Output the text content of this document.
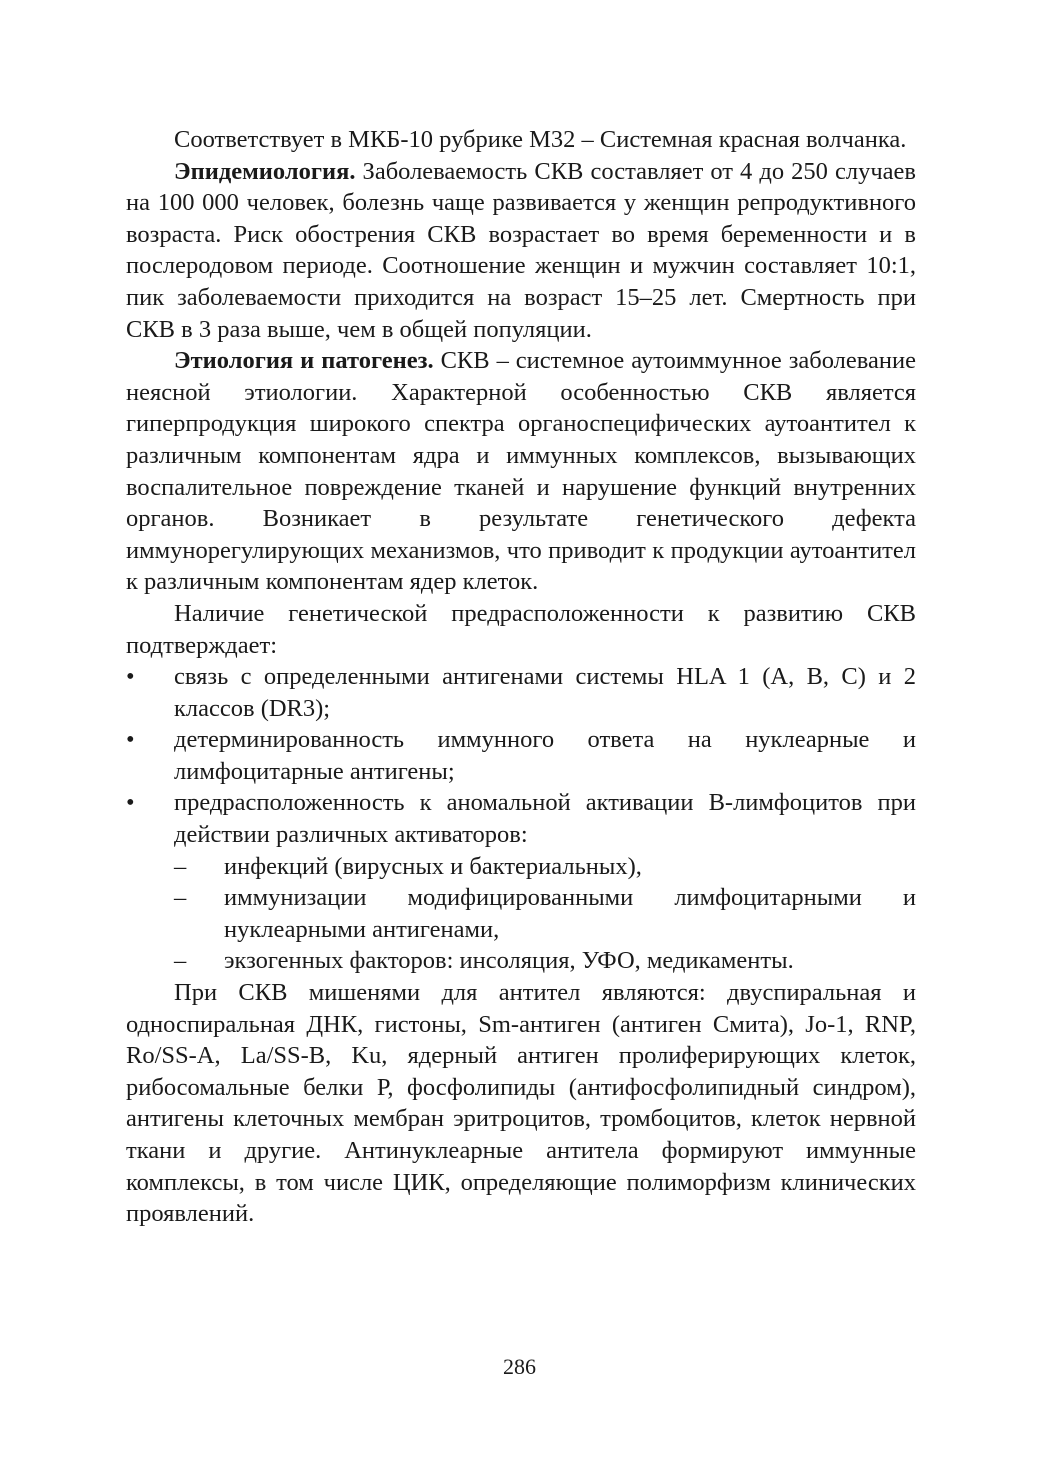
Соответствует в МКБ-10 рубрике М32 – Системная красная волчанка.

Эпидемиология. Заболеваемость СКВ составляет от 4 до 250 случаев на 100 000 человек, болезнь чаще развивается у женщин репродуктивного возраста. Риск обострения СКВ возрастает во время беременности и в послеродовом периоде. Соотношение женщин и мужчин составляет 10:1, пик заболеваемости приходится на возраст 15–25 лет. Смертность при СКВ в 3 раза выше, чем в общей популяции.

Этиология и патогенез. СКВ – системное аутоиммунное заболевание неясной этиологии. Характерной особенностью СКВ является гиперпродукция широкого спектра органоспецифических аутоантител к различным компонентам ядра и иммунных комплексов, вызывающих воспалительное повреждение тканей и нарушение функций внутренних органов. Возникает в результате генетического дефекта иммунорегулирующих механизмов, что приводит к продукции аутоантител к различным компонентам ядер клеток.

Наличие генетической предрасположенности к развитию СКВ подтверждает:

• связь с определенными антигенами системы HLA 1 (A, B, C) и 2 классов (DR3);
• детерминированность иммунного ответа на нуклеарные и лимфоцитарные антигены;
• предрасположенность к аномальной активации В-лимфоцитов при действии различных активаторов:
– инфекций (вирусных и бактериальных),
– иммунизации модифицированными лимфоцитарными и нуклеарными антигенами,
– экзогенных факторов: инсоляция, УФО, медикаменты.

При СКВ мишенями для антител являются: двуспиральная и односпиральная ДНК, гистоны, Sm-антиген (антиген Смита), Jo-1, RNP, Ro/SS-A, La/SS-B, Ku, ядерный антиген пролиферирующих клеток, рибосомальные белки Р, фосфолипиды (антифосфолипидный синдром), антигены клеточных мембран эритроцитов, тромбоцитов, клеток нервной ткани и другие. Антинуклеарные антитела формируют иммунные комплексы, в том числе ЦИК, определяющие полиморфизм клинических проявлений.

286
